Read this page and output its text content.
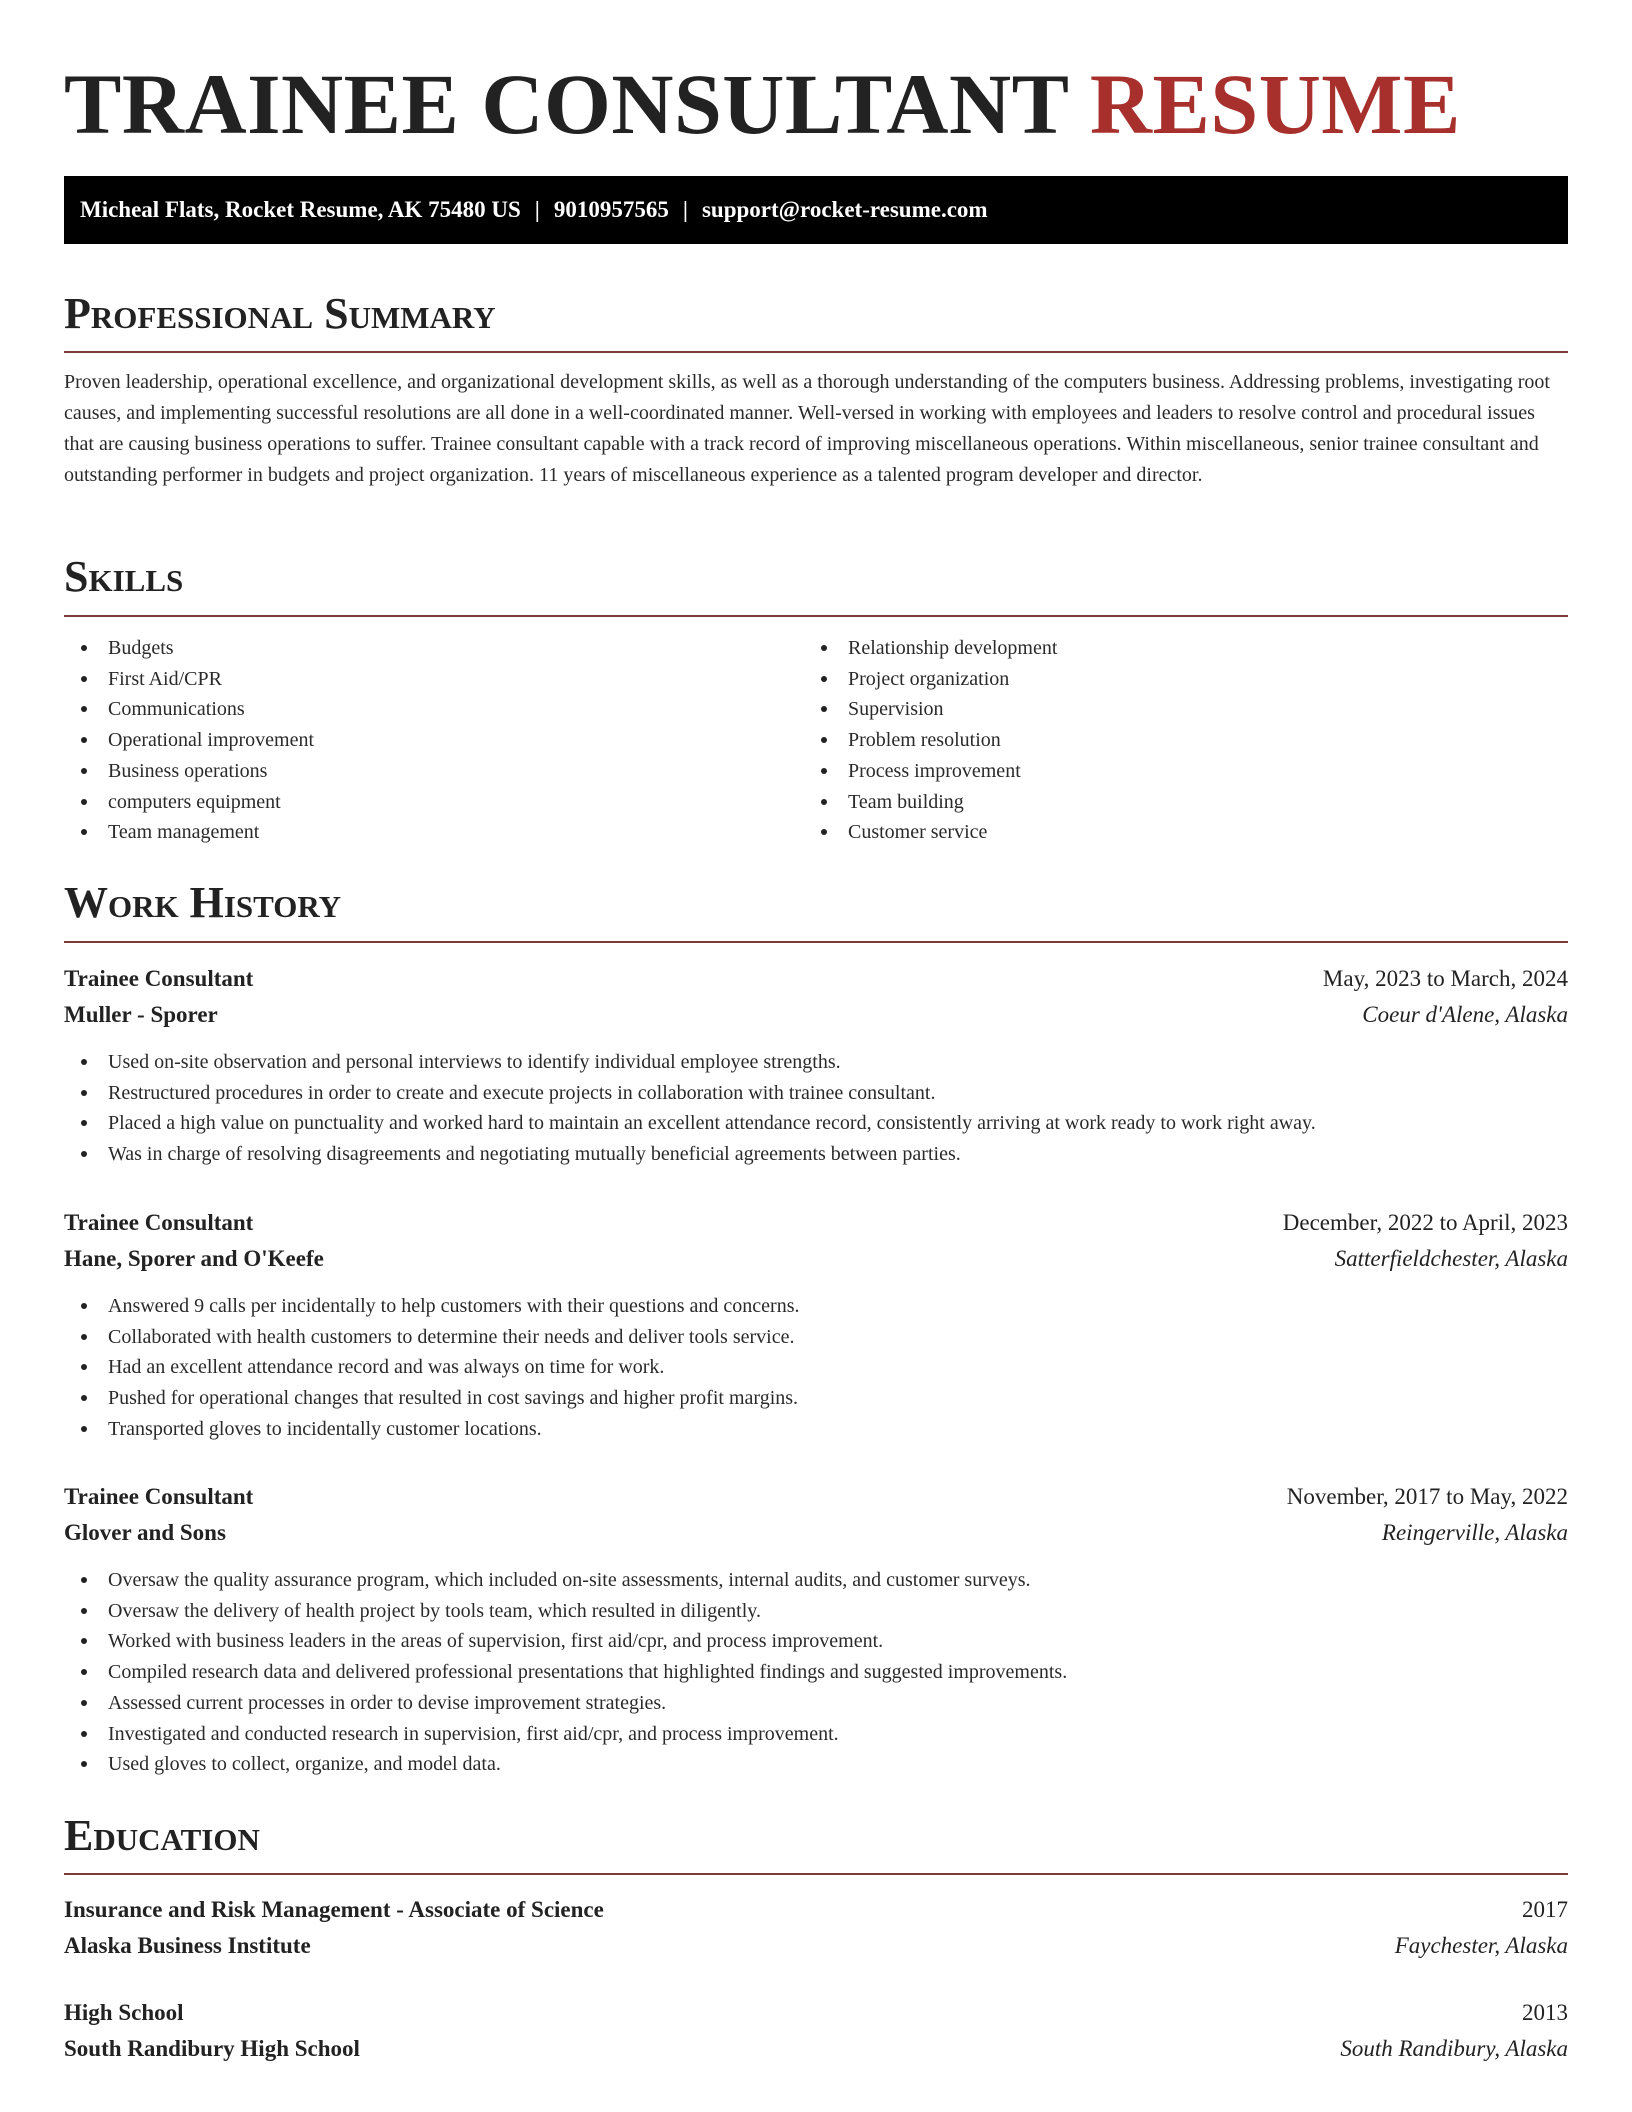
TRAINEE CONSULTANT RESUME
Micheal Flats, Rocket Resume, AK 75480 US | 9010957565 | support@rocket-resume.com
Professional Summary

Proven leadership, operational excellence, and organizational development skills, as well as a thorough understanding of the computers business. Addressing problems, investigating root causes, and implementing successful resolutions are all done in a well-coordinated manner. Well-versed in working with employees and leaders to resolve control and procedural issues that are causing business operations to suffer. Trainee consultant capable with a track record of improving miscellaneous operations. Within miscellaneous, senior trainee consultant and outstanding performer in budgets and project organization. 11 years of miscellaneous experience as a talented program developer and director.

Skills
Budgets
First Aid/CPR
Communications
Operational improvement
Business operations
computers equipment
Team management
Relationship development
Project organization
Supervision
Problem resolution
Process improvement
Team building
Customer service
Work History
Trainee Consultant	May, 2023 to March, 2024
Muller - Sporer	Coeur d'Alene, Alaska
Used on-site observation and personal interviews to identify individual employee strengths.
Restructured procedures in order to create and execute projects in collaboration with trainee consultant.
Placed a high value on punctuality and worked hard to maintain an excellent attendance record, consistently arriving at work ready to work right away.
Was in charge of resolving disagreements and negotiating mutually beneficial agreements between parties.
Trainee Consultant	December, 2022 to April, 2023
Hane, Sporer and O'Keefe	Satterfieldchester, Alaska
Answered 9 calls per incidentally to help customers with their questions and concerns.
Collaborated with health customers to determine their needs and deliver tools service.
Had an excellent attendance record and was always on time for work.
Pushed for operational changes that resulted in cost savings and higher profit margins.
Transported gloves to incidentally customer locations.
Trainee Consultant	November, 2017 to May, 2022
Glover and Sons	Reingerville, Alaska
Oversaw the quality assurance program, which included on-site assessments, internal audits, and customer surveys.
Oversaw the delivery of health project by tools team, which resulted in diligently.
Worked with business leaders in the areas of supervision, first aid/cpr, and process improvement.
Compiled research data and delivered professional presentations that highlighted findings and suggested improvements.
Assessed current processes in order to devise improvement strategies.
Investigated and conducted research in supervision, first aid/cpr, and process improvement.
Used gloves to collect, organize, and model data.
Education
Insurance and Risk Management - Associate of Science	2017
Alaska Business Institute	Faychester, Alaska
High School	2013
South Randibury High School	South Randibury, Alaska
